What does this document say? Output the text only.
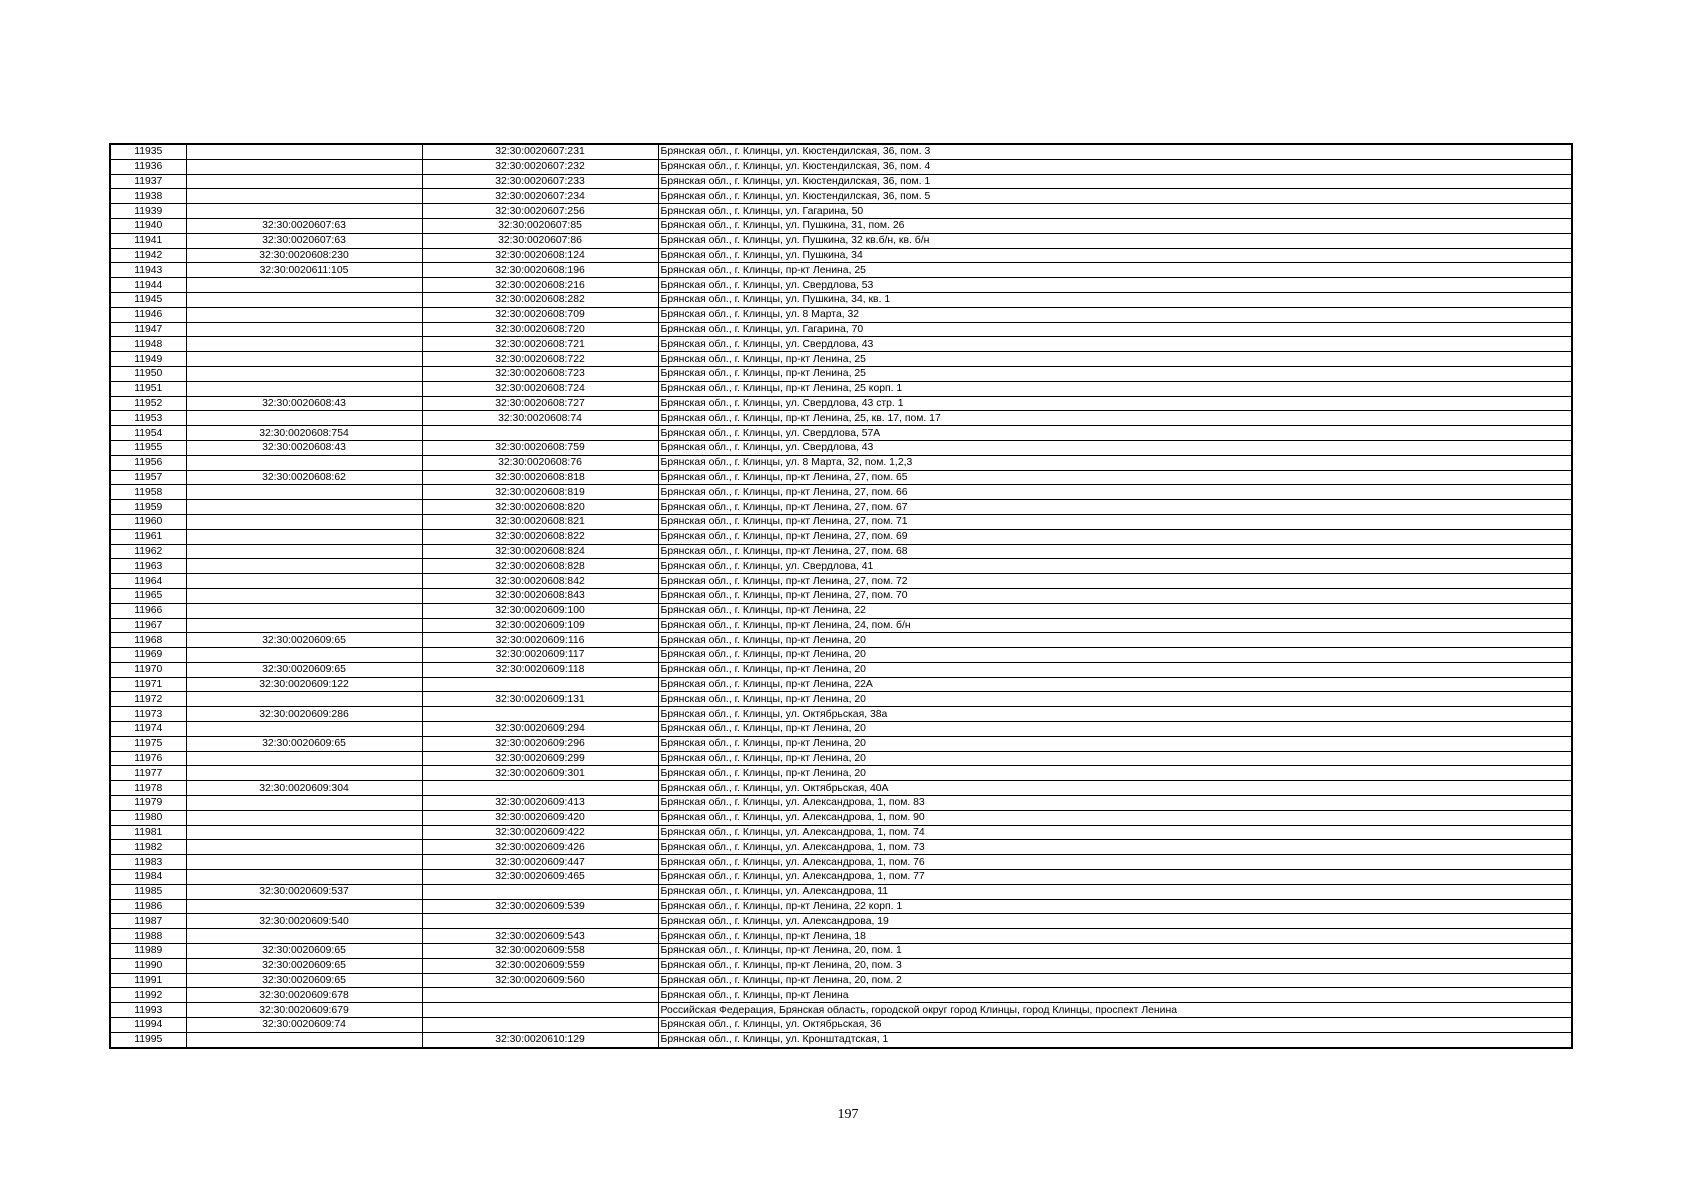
11935		32:30:0020607:231	Брянская обл., г. Клинцы, ул. Кюстендилская, 36, пом. 3
11936		32:30:0020607:232	Брянская обл., г. Клинцы, ул. Кюстендилская, 36, пом. 4
11937		32:30:0020607:233	Брянская обл., г. Клинцы, ул. Кюстендилская, 36, пом. 1
11938		32:30:0020607:234	Брянская обл., г. Клинцы, ул. Кюстендилская, 36, пом. 5
11939		32:30:0020607:256	Брянская обл., г. Клинцы, ул. Гагарина, 50
11940	32:30:0020607:63	32:30:0020607:85	Брянская обл., г. Клинцы, ул. Пушкина, 31, пом. 26
11941	32:30:0020607:63	32:30:0020607:86	Брянская обл., г. Клинцы, ул. Пушкина, 32 кв.б/н, кв. б/н
11942	32:30:0020608:230	32:30:0020608:124	Брянская обл., г. Клинцы, ул. Пушкина, 34
11943	32:30:0020611:105	32:30:0020608:196	Брянская обл., г. Клинцы, пр-кт Ленина, 25
11944		32:30:0020608:216	Брянская обл., г. Клинцы, ул. Свердлова, 53
11945		32:30:0020608:282	Брянская обл., г. Клинцы, ул. Пушкина, 34, кв. 1
11946		32:30:0020608:709	Брянская обл., г. Клинцы, ул. 8 Марта, 32
11947		32:30:0020608:720	Брянская обл., г. Клинцы, ул. Гагарина, 70
11948		32:30:0020608:721	Брянская обл., г. Клинцы, ул. Свердлова, 43
11949		32:30:0020608:722	Брянская обл., г. Клинцы, пр-кт Ленина, 25
11950		32:30:0020608:723	Брянская обл., г. Клинцы, пр-кт Ленина, 25
11951		32:30:0020608:724	Брянская обл., г. Клинцы, пр-кт Ленина, 25 корп. 1
11952	32:30:0020608:43	32:30:0020608:727	Брянская обл., г. Клинцы, ул. Свердлова, 43 стр. 1
11953		32:30:0020608:74	Брянская обл., г. Клинцы, пр-кт Ленина, 25, кв. 17, пом. 17
11954	32:30:0020608:754		Брянская обл., г. Клинцы, ул. Свердлова, 57А
11955	32:30:0020608:43	32:30:0020608:759	Брянская обл., г. Клинцы, ул. Свердлова, 43
11956		32:30:0020608:76	Брянская обл., г. Клинцы, ул. 8 Марта, 32, пом. 1,2,3
11957	32:30:0020608:62	32:30:0020608:818	Брянская обл., г. Клинцы, пр-кт Ленина, 27, пом. 65
11958		32:30:0020608:819	Брянская обл., г. Клинцы, пр-кт Ленина, 27, пом. 66
11959		32:30:0020608:820	Брянская обл., г. Клинцы, пр-кт Ленина, 27, пом. 67
11960		32:30:0020608:821	Брянская обл., г. Клинцы, пр-кт Ленина, 27, пом. 71
11961		32:30:0020608:822	Брянская обл., г. Клинцы, пр-кт Ленина, 27, пом. 69
11962		32:30:0020608:824	Брянская обл., г. Клинцы, пр-кт Ленина, 27, пом. 68
11963		32:30:0020608:828	Брянская обл., г. Клинцы, ул. Свердлова, 41
11964		32:30:0020608:842	Брянская обл., г. Клинцы, пр-кт Ленина, 27, пом. 72
11965		32:30:0020608:843	Брянская обл., г. Клинцы, пр-кт Ленина, 27, пом. 70
11966		32:30:0020609:100	Брянская обл., г. Клинцы, пр-кт Ленина, 22
11967		32:30:0020609:109	Брянская обл., г. Клинцы, пр-кт Ленина, 24, пом. б/н
11968	32:30:0020609:65	32:30:0020609:116	Брянская обл., г. Клинцы, пр-кт Ленина, 20
11969		32:30:0020609:117	Брянская обл., г. Клинцы, пр-кт Ленина, 20
11970	32:30:0020609:65	32:30:0020609:118	Брянская обл., г. Клинцы, пр-кт Ленина, 20
11971	32:30:0020609:122		Брянская обл., г. Клинцы, пр-кт Ленина, 22А
11972		32:30:0020609:131	Брянская обл., г. Клинцы, пр-кт Ленина, 20
11973	32:30:0020609:286		Брянская обл., г. Клинцы, ул. Октябрьская, 38а
11974		32:30:0020609:294	Брянская обл., г. Клинцы, пр-кт Ленина, 20
11975	32:30:0020609:65	32:30:0020609:296	Брянская обл., г. Клинцы, пр-кт Ленина, 20
11976		32:30:0020609:299	Брянская обл., г. Клинцы, пр-кт Ленина, 20
11977		32:30:0020609:301	Брянская обл., г. Клинцы, пр-кт Ленина, 20
11978	32:30:0020609:304		Брянская обл., г. Клинцы, ул. Октябрьская, 40А
11979		32:30:0020609:413	Брянская обл., г. Клинцы, ул. Александрова, 1, пом. 83
11980		32:30:0020609:420	Брянская обл., г. Клинцы, ул. Александрова, 1, пом. 90
11981		32:30:0020609:422	Брянская обл., г. Клинцы, ул. Александрова, 1, пом. 74
11982		32:30:0020609:426	Брянская обл., г. Клинцы, ул. Александрова, 1, пом. 73
11983		32:30:0020609:447	Брянская обл., г. Клинцы, ул. Александрова, 1, пом. 76
11984		32:30:0020609:465	Брянская обл., г. Клинцы, ул. Александрова, 1, пом. 77
11985	32:30:0020609:537		Брянская обл., г. Клинцы, ул. Александрова, 11
11986		32:30:0020609:539	Брянская обл., г. Клинцы, пр-кт Ленина, 22 корп. 1
11987	32:30:0020609:540		Брянская обл., г. Клинцы, ул. Александрова, 19
11988		32:30:0020609:543	Брянская обл., г. Клинцы, пр-кт Ленина, 18
11989	32:30:0020609:65	32:30:0020609:558	Брянская обл., г. Клинцы, пр-кт Ленина, 20, пом. 1
11990	32:30:0020609:65	32:30:0020609:559	Брянская обл., г. Клинцы, пр-кт Ленина, 20, пом. 3
11991	32:30:0020609:65	32:30:0020609:560	Брянская обл., г. Клинцы, пр-кт Ленина, 20, пом. 2
11992	32:30:0020609:678		Брянская обл., г. Клинцы, пр-кт Ленина
11993	32:30:0020609:679		Российская Федерация, Брянская область, городской округ город Клинцы, город Клинцы, проспект Ленина
11994	32:30:0020609:74		Брянская обл., г. Клинцы, ул. Октябрьская, 36
11995		32:30:0020610:129	Брянская обл., г. Клинцы, ул. Кронштадтская, 1
197
